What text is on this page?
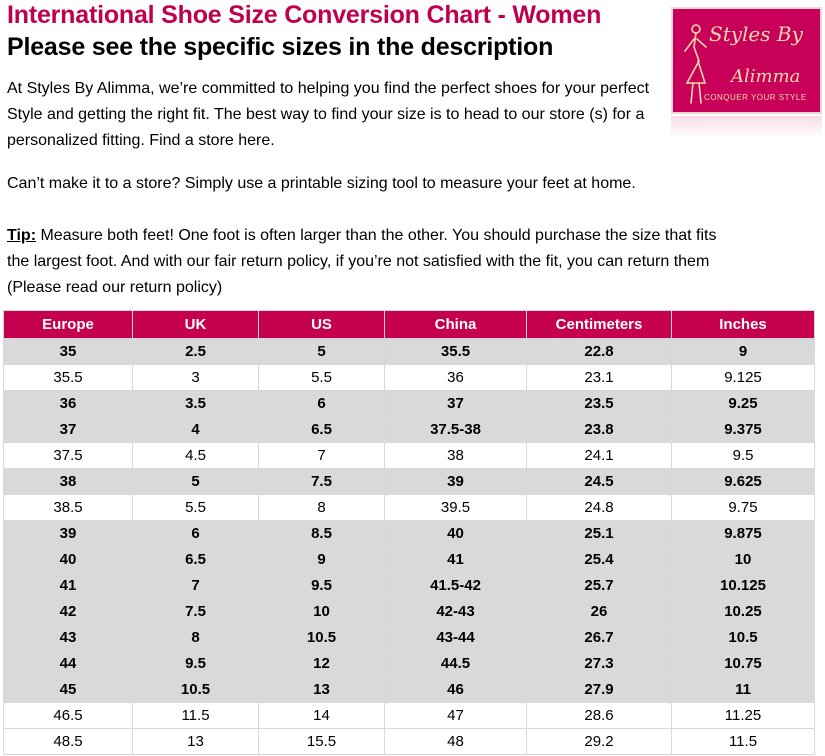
International Shoe Size Conversion Chart - Women
Please see the specific sizes in the description

At Styles By Alimma, we’re committed to helping you find the perfect shoes for your perfect Style and getting the right fit. The best way to find your size is to head to our store (s) for a personalized fitting. Find a store here.

Can’t make it to a store? Simply use a printable sizing tool to measure your feet at home.

Tip: Measure both feet! One foot is often larger than the other. You should purchase the size that fits the largest foot. And with our fair return policy, if you’re not satisfied with the fit, you can return them (Please read our return policy)

Styles By
Alimma
CONQUER YOUR STYLE
CONQUER YOUR STYLE
Europe	UK	US	China	Centimeters	Inches
35	2.5	5	35.5	22.8	9
35.5	3	5.5	36	23.1	9.125
36	3.5	6	37	23.5	9.25
37	4	6.5	37.5-38	23.8	9.375
37.5	4.5	7	38	24.1	9.5
38	5	7.5	39	24.5	9.625
38.5	5.5	8	39.5	24.8	9.75
39	6	8.5	40	25.1	9.875
40	6.5	9	41	25.4	10
41	7	9.5	41.5-42	25.7	10.125
42	7.5	10	42-43	26	10.25
43	8	10.5	43-44	26.7	10.5
44	9.5	12	44.5	27.3	10.75
45	10.5	13	46	27.9	11
46.5	11.5	14	47	28.6	11.25
48.5	13	15.5	48	29.2	11.5
